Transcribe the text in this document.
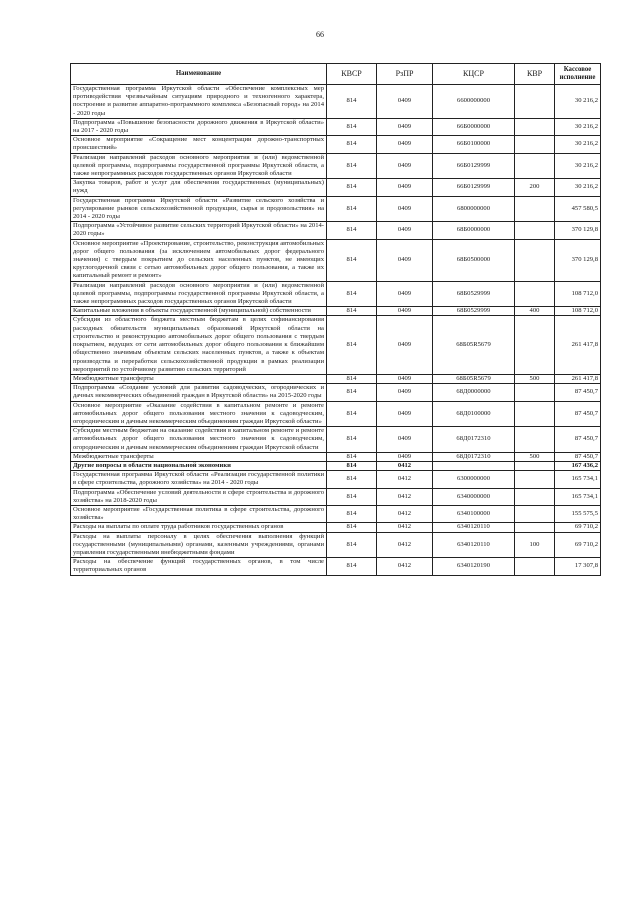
66
Наименование	КВСР	РзПР	КЦСР	КВР	Кассовое исполнение
Государственная программа Иркутской области «Обеспечение комплексных мер противодействия чрезвычайным ситуациям природного и техногенного характера, построение и развитие аппаратно-программного комплекса «Безопасный город» на 2014 - 2020 годы	814	0409	6600000000		30 216,2
Подпрограмма «Повышение безопасности дорожного движения в Иркутской области» на 2017 - 2020 годы	814	0409	66Б0000000		30 216,2
Основное мероприятие «Сокращение мест концентрации дорожно-транспортных происшествий»	814	0409	66Б0100000		30 216,2
Реализация направлений расходов основного мероприятия и (или) ведомственной целевой программы, подпрограммы государственной программы Иркутской области, а также непрограммных расходов государственных органов Иркутской области	814	0409	66Б0129999		30 216,2
Закупка товаров, работ и услуг для обеспечения государственных (муниципальных) нужд	814	0409	66Б0129999	200	30 216,2
Государственная программа Иркутской области «Развитие сельского хозяйства и регулирование рынков сельскохозяйственной продукции, сырья и продовольствия» на 2014 - 2020 годы	814	0409	6800000000		457 580,5
Подпрограмма «Устойчивое развитие сельских территорий Иркутской области» на 2014-2020 годы»	814	0409	68Б0000000		370 129,8
Основное мероприятие «Проектирование, строительство, реконструкция автомобильных дорог общего пользования (за исключением автомобильных дорог федерального значения) с твердым покрытием до сельских населенных пунктов, не имеющих круглогодичной связи с сетью автомобильных дорог общего пользования, а также их капитальный ремонт и ремонт»	814	0409	68Б0500000		370 129,8
Реализация направлений расходов основного мероприятия и (или) ведомственной целевой программы, подпрограммы государственной программы Иркутской области, а также непрограммных расходов государственных органов Иркутской области	814	0409	68Б0529999		108 712,0
Капитальные вложения в объекты государственной (муниципальной) собственности	814	0409	68Б0529999	400	108 712,0
Субсидия из областного бюджета местным бюджетам в целях софинансирования расходных обязательств муниципальных образований Иркутской области на строительство и реконструкцию автомобильных дорог общего пользования с твердым покрытием, ведущих от сети автомобильных дорог общего пользования к ближайшим общественно значимым объектам сельских населенных пунктов, а также к объектам производства и переработки сельскохозяйственной продукции в рамках реализации мероприятий по устойчивому развитию сельских территорий	814	0409	68Б05R5679		261 417,8
Межбюджетные трансферты	814	0409	68Б05R5679	500	261 417,8
Подпрограмма «Создание условий для развития садоводческих, огороднических и дачных некоммерческих объединений граждан в Иркутской области» на 2015-2020 годы	814	0409	68Д0000000		87 450,7
Основное мероприятие «Оказание содействия в капитальном ремонте и ремонте автомобильных дорог общего пользования местного значения к садоводческим, огородническим и дачным некоммерческим объединениям граждан Иркутской области»	814	0409	68Д0100000		87 450,7
Субсидии местным бюджетам на оказание содействия в капитальном ремонте и ремонте автомобильных дорог общего пользования местного значения к садоводческим, огородническим и дачным некоммерческим объединениям граждан Иркутской области	814	0409	68Д0172310		87 450,7
Межбюджетные трансферты	814	0409	68Д0172310	500	87 450,7
Другие вопросы в области национальной экономики	814	0412			167 436,2
Государственная программа Иркутской области «Реализация государственной политики в сфере строительства, дорожного хозяйства» на 2014 - 2020 годы	814	0412	6300000000		165 734,1
Подпрограмма «Обеспечение условий деятельности в сфере строительства и дорожного хозяйства» на 2018-2020 годы	814	0412	6340000000		165 734,1
Основное мероприятие «Государственная политика в сфере строительства, дорожного хозяйства»	814	0412	6340100000		155 575,5
Расходы на выплаты по оплате труда работников государственных органов	814	0412	6340120110		69 710,2
Расходы на выплаты персоналу в целях обеспечения выполнения функций государственными (муниципальными) органами, казенными учреждениями, органами управления государственными внебюджетными фондами	814	0412	6340120110	100	69 710,2
Расходы на обеспечение функций государственных органов, в том числе территориальных органов	814	0412	6340120190		17 307,8
